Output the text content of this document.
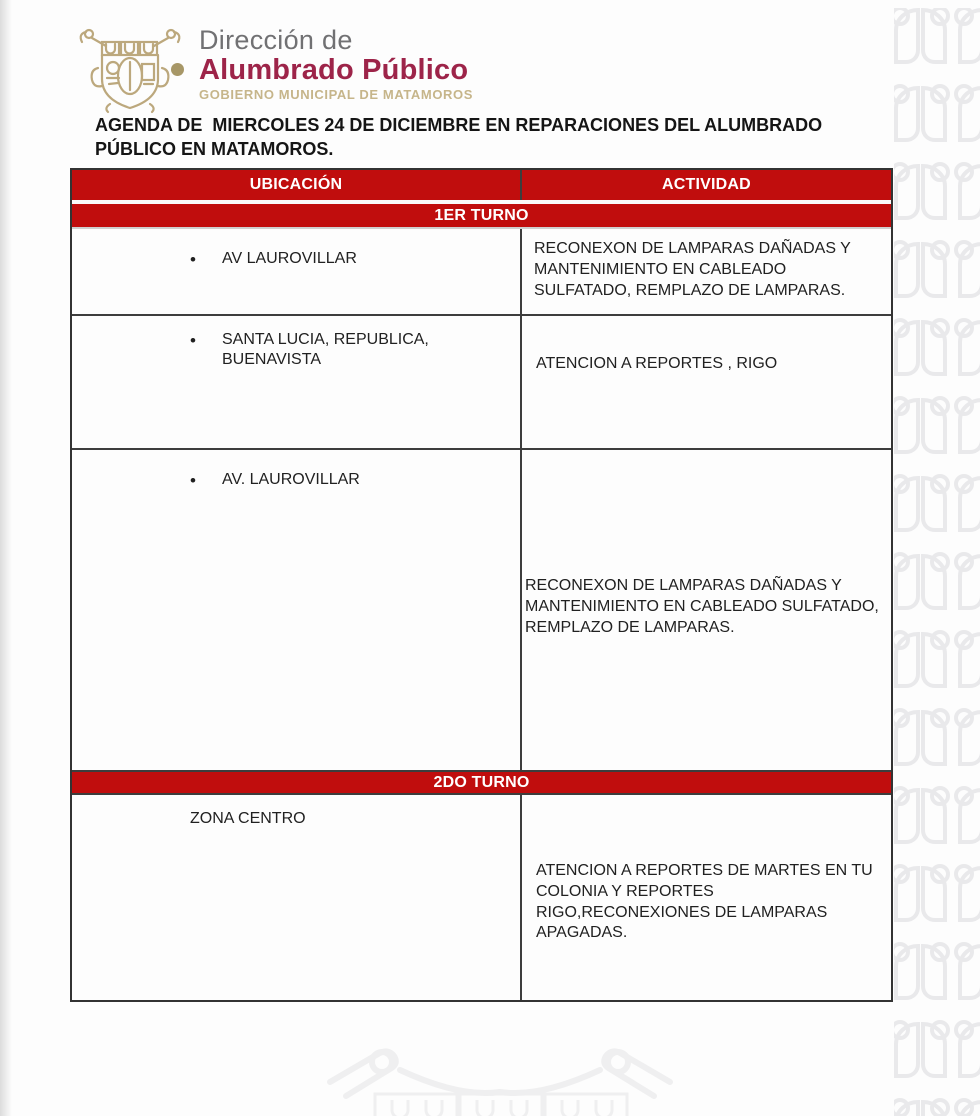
Dirección de
Alumbrado Público
GOBIERNO MUNICIPAL DE MATAMOROS
AGENDA DE  MIERCOLES 24 DE DICIEMBRE EN REPARACIONES DEL ALUMBRADO PÚBLICO EN MATAMOROS.
UBICACIÓN	ACTIVIDAD
1ER TURNO
• AV LAUROVILLAR
RECONEXON DE LAMPARAS DAÑADAS Y MANTENIMIENTO EN CABLEADO SULFATADO, REMPLAZO DE LAMPARAS.
• SANTA LUCIA, REPUBLICA, BUENAVISTA	ATENCION A REPORTES , RIGO
• AV. LAUROVILLAR
RECONEXON DE LAMPARAS DAÑADAS Y MANTENIMIENTO EN CABLEADO SULFATADO, REMPLAZO DE LAMPARAS.
2DO TURNO
ZONA CENTRO
ATENCION A REPORTES DE MARTES EN TU COLONIA Y REPORTES RIGO,RECONEXIONES DE LAMPARAS APAGADAS.
